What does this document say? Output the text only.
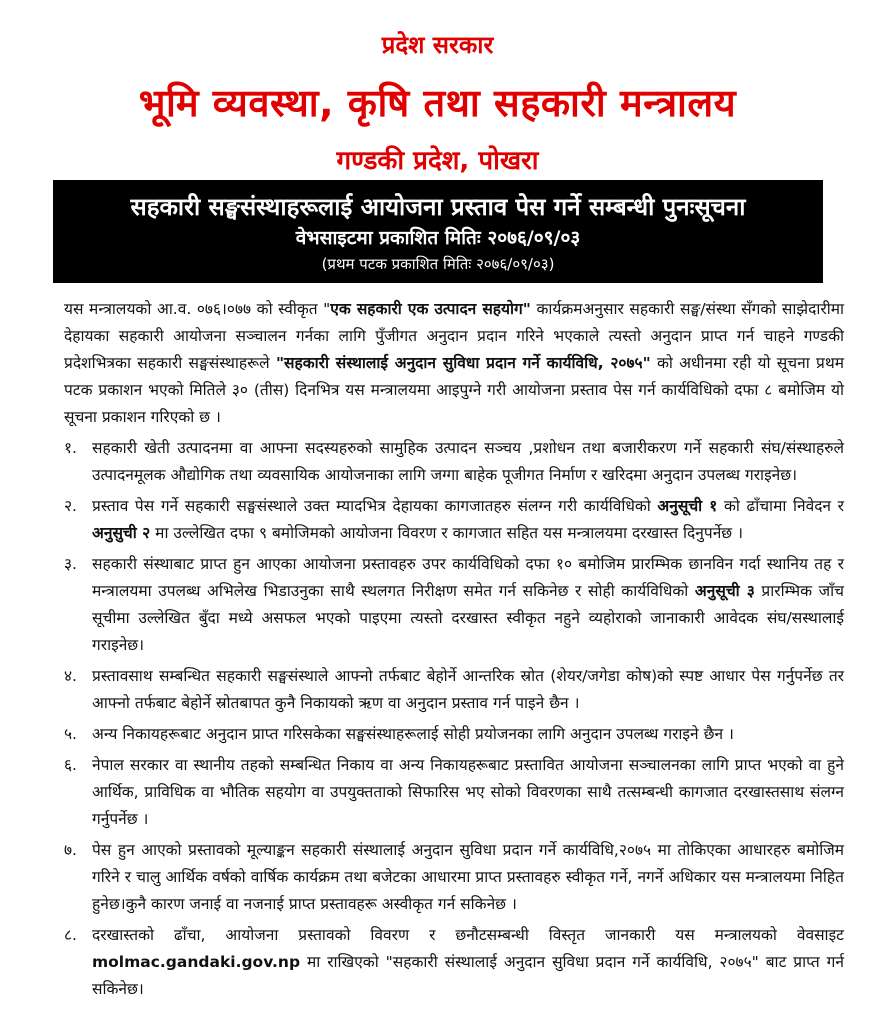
प्रदेश सरकार
भूमि व्यवस्था, कृषि तथा सहकारी मन्त्रालय
गण्डकी प्रदेश, पोखरा
सहकारी सङ्घसंस्थाहरूलाई आयोजना प्रस्ताव पेस गर्ने सम्बन्धी पुनःसूचना
वेभसाइटमा प्रकाशित मितिः २०७६/०९/०३
(प्रथम पटक प्रकाशित मितिः २०७६/०९/०३)

यस मन्त्रालयको आ.व. ०७६।०७७ को स्वीकृत "एक सहकारी एक उत्पादन सहयोग" कार्यक्रमअनुसार सहकारी सङ्घ/संस्था सँगको साझेदारीमा देहायका सहकारी आयोजना सञ्चालन गर्नका लागि पुँजीगत अनुदान प्रदान गरिने भएकाले त्यस्तो अनुदान प्राप्त गर्न चाहने गण्डकी प्रदेशभित्रका सहकारी सङ्घसंस्थाहरूले "सहकारी संस्थालाई अनुदान सुविधा प्रदान गर्ने कार्यविधि, २०७५" को अधीनमा रही यो सूचना प्रथम पटक प्रकाशन भएको मितिले ३० (तीस) दिनभित्र यस मन्त्रालयमा आइपुग्ने गरी आयोजना प्रस्ताव पेस गर्न कार्यविधिको दफा ८ बमोजिम यो सूचना प्रकाशन गरिएको छ ।

१. सहकारी खेती उत्पादनमा वा आफ्ना सदस्यहरुको सामुहिक उत्पादन सञ्चय ,प्रशोधन तथा बजारीकरण गर्ने सहकारी संघ/संस्थाहरुले उत्पादनमूलक औद्योगिक तथा व्यवसायिक आयोजनाका लागि जग्गा बाहेक पूजीगत निर्माण र खरिदमा अनुदान उपलब्ध गराइनेछ।
२. प्रस्ताव पेस गर्ने सहकारी सङ्घसंस्थाले उक्त म्यादभित्र देहायका कागजातहरु संलग्न गरी कार्यविधिको अनुसूची १ को ढाँचामा निवेदन र अनुसुची २ मा उल्लेखित दफा ९ बमोजिमको आयोजना विवरण र कागजात सहित यस मन्त्रालयमा दरखास्त दिनुपर्नेछ ।
३. सहकारी संस्थाबाट प्राप्त हुन आएका आयोजना प्रस्तावहरु उपर कार्यविधिको दफा १० बमोजिम प्रारम्भिक छानविन गर्दा स्थानिय तह र मन्त्रालयमा उपलब्ध अभिलेख भिडाउनुका साथै स्थलगत निरीक्षण समेत गर्न सकिनेछ र सोही कार्यविधिको अनुसूची ३ प्रारम्भिक जाँच सूचीमा उल्लेखित बुँदा मध्ये असफल भएको पाइएमा त्यस्तो दरखास्त स्वीकृत नहुने व्यहोराको जानाकारी आवेदक संघ/सस्थालाई गराइनेछ।
४. प्रस्तावसाथ सम्बन्धित सहकारी सङ्घसंस्थाले आफ्नो तर्फबाट बेहोर्ने आन्तरिक स्रोत (शेयर/जगेडा कोष)को स्पष्ट आधार पेस गर्नुपर्नेछ तर आफ्नो तर्फबाट बेहोर्ने स्रोतबापत कुनै निकायको ऋण वा अनुदान प्रस्ताव गर्न पाइने छैन ।
५. अन्य निकायहरूबाट अनुदान प्राप्त गरिसकेका सङ्घसंस्थाहरूलाई सोही प्रयोजनका लागि अनुदान उपलब्ध गराइने छैन ।
६. नेपाल सरकार वा स्थानीय तहको सम्बन्धित निकाय वा अन्य निकायहरूबाट प्रस्तावित आयोजना सञ्चालनका लागि प्राप्त भएको वा हुने आर्थिक, प्राविधिक वा भौतिक सहयोग वा उपयुक्तताको सिफारिस भए सोको विवरणका साथै तत्सम्बन्धी कागजात दरखास्तसाथ संलग्न गर्नुपर्नेछ ।
७. पेस हुन आएको प्रस्तावको मूल्याङ्कन सहकारी संस्थालाई अनुदान सुविधा प्रदान गर्ने कार्यविधि,२०७५ मा तोकिएका आधारहरु बमोजिम गरिने र चालु आर्थिक वर्षको वार्षिक कार्यक्रम तथा बजेटका आधारमा प्राप्त प्रस्तावहरु स्वीकृत गर्ने, नगर्ने अधिकार यस मन्त्रालयमा निहित हुनेछ।कुनै कारण जनाई वा नजनाई प्राप्त प्रस्तावहरू अस्वीकृत गर्न सकिनेछ ।
८. दरखास्तको ढाँचा, आयोजना प्रस्तावको विवरण र छनौटसम्बन्धी विस्तृत जानकारी यस मन्त्रालयको वेवसाइट molmac.gandaki.gov.np मा राखिएको "सहकारी संस्थालाई अनुदान सुविधा प्रदान गर्ने कार्यविधि, २०७५" बाट प्राप्त गर्न सकिनेछ।
